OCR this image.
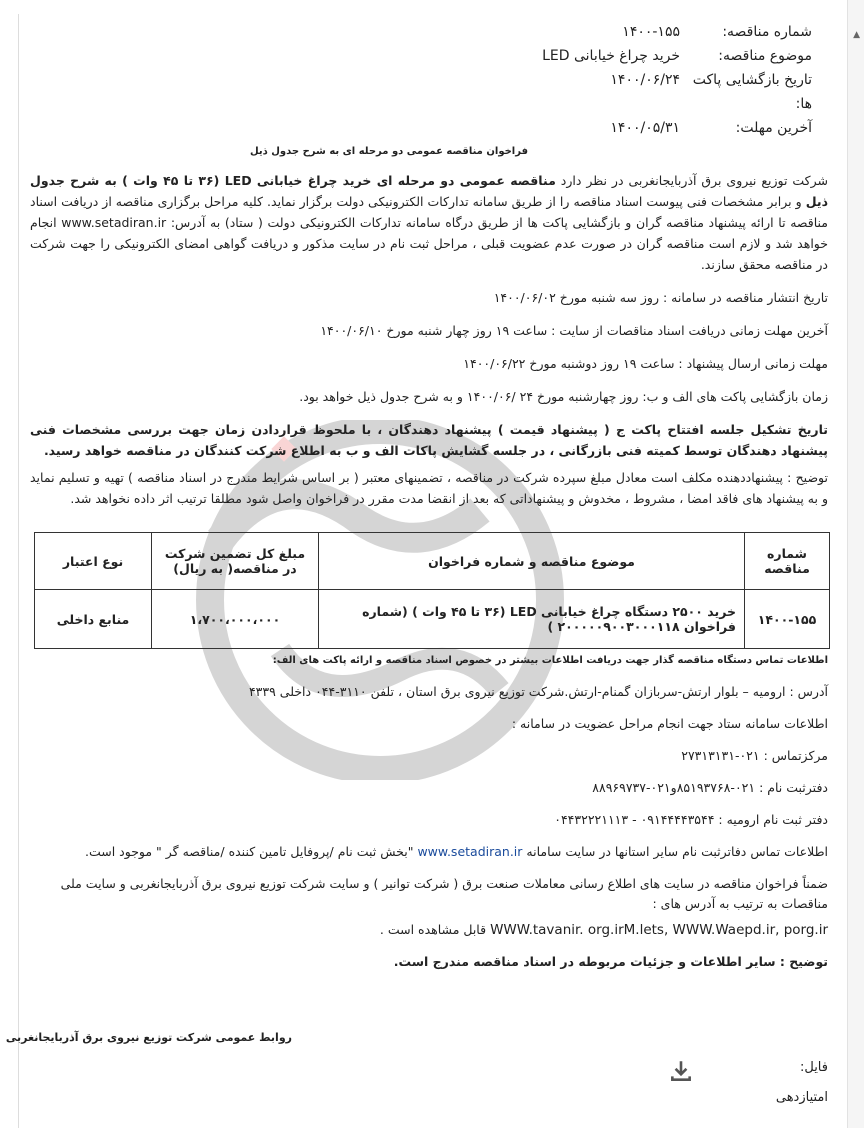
▲
شماره مناقصه:
۱۴۰۰-۱۵۵
موضوع مناقصه:
خرید چراغ خیابانی LED
تاریخ بازگشایی پاکت
۱۴۰۰/۰۶/۲۴
ها:
آخرین مهلت:
۱۴۰۰/۰۵/۳۱
فراخوان مناقصه عمومی دو مرحله ای به شرح جدول ذیل

شرکت توزیع نیروی برق آذربایجانغربی در نظر دارد مناقصه عمومی دو مرحله ای خرید چراغ خیابانی LED (۳۶ تا ۴۵ وات ) به شرح جدول ذیل و برابر مشخصات فنی پیوست اسناد مناقصه را از طریق سامانه تدارکات الکترونیکی دولت برگزار نماید. کلیه مراحل برگزاری مناقصه از دریافت اسناد مناقصه تا ارائه پیشنهاد مناقصه گران و بازگشایی پاکت ها از طریق درگاه سامانه تدارکات الکترونیکی دولت ( ستاد) به آدرس: www.setadiran.ir انجام خواهد شد و لازم است مناقصه گران در صورت عدم عضویت قبلی ، مراحل ثبت نام در سایت مذکور و دریافت گواهی امضای الکترونیکی را جهت شرکت در مناقصه محقق سازند.

تاریخ انتشار مناقصه در سامانه : روز سه شنبه مورخ ۱۴۰۰/۰۶/۰۲

آخرین مهلت زمانی دریافت اسناد مناقصات از سایت : ساعت ۱۹ روز چهار شنبه مورخ ۱۴۰۰/۰۶/۱۰

مهلت زمانی ارسال پیشنهاد : ساعت ۱۹ روز دوشنبه مورخ ۱۴۰۰/۰۶/۲۲

زمان بازگشایی پاکت های الف و ب: روز چهارشنبه مورخ ۲۴ /۱۴۰۰/۰۶ و به شرح جدول ذیل خواهد بود.

تاریخ تشکیل جلسه افتتاح پاکت ج ( پیشنهاد قیمت ) پیشنهاد دهندگان ، با ملحوظ قراردادن زمان جهت بررسی مشخصات فنی پیشنهاد دهندگان توسط کمیته فنی بازرگانی ، در جلسه گشایش پاکات الف و ب به اطلاع شرکت کنندگان در مناقصه خواهد رسید.

توضیح : پیشنهاددهنده مکلف است معادل مبلغ سپرده شرکت در مناقصه ، تضمینهای معتبر ( بر اساس شرایط مندرج در اسناد مناقصه ) تهیه و تسلیم نماید و به پیشنهاد های فاقد امضا ، مشروط ، مخدوش و پیشنهاداتی که بعد از انقضا مدت مقرر در فراخوان واصل شود مطلقا ترتیب اثر داده نخواهد شد.

شماره مناقصه	موضوع مناقصه و شماره فراخوان	مبلغ کل تضمین شرکت در مناقصه( به ریال)	نوع اعتبار
۱۴۰۰-۱۵۵	خرید ۲۵۰۰ دستگاه چراغ خیابانی LED (۳۶ تا ۴۵ وات ) (شماره فراخوان ۲۰۰۰۰۰۹۰۰۳۰۰۰۱۱۸ )	۱،۷۰۰،۰۰۰،۰۰۰	منابع داخلی
اطلاعات تماس دستگاه مناقصه گذار جهت دریافت اطلاعات بیشتر در خصوص اسناد مناقصه و ارائه پاکت های الف:
آدرس : ارومیه – بلوار ارتش-سربازان گمنام-ارتش.شرکت توزیع نیروی برق استان ، تلفن ۳۱۱۰-۰۴۴ داخلی ۴۳۳۹
اطلاعات سامانه ستاد جهت انجام مراحل عضویت در سامانه :
مرکزتماس : ۰۲۱-۲۷۳۱۳۱۳۱
دفترثبت نام : ۰۲۱-۸۵۱۹۳۷۶۸و۰۲۱-۸۸۹۶۹۷۳۷
دفتر ثبت نام ارومیه : ۰۹۱۴۴۴۴۳۵۴۴ - ۰۴۴۳۲۲۲۱۱۱۳
اطلاعات تماس دفاترثبت نام سایر استانها در سایت سامانه www.setadiran.ir "بخش ثبت نام /پروفایل تامین کننده /مناقصه گر " موجود است.
ضمناً فراخوان مناقصه در سایت های اطلاع رسانی معاملات صنعت برق ( شرکت توانیر ) و سایت شرکت توزیع نیروی برق آذربایجانغربی و سایت ملی مناقصات به ترتیب به آدرس های :
WWW.tavanir. org.irM.lets, WWW.Waepd.ir, porg.ir قابل مشاهده است .
توضیح : سایر اطلاعات و جزئیات مربوطه در اسناد مناقصه مندرج است.
روابط عمومی شرکت توزیع نیروی برق آذربایجانغربی
فایل:
امتیازدهی
